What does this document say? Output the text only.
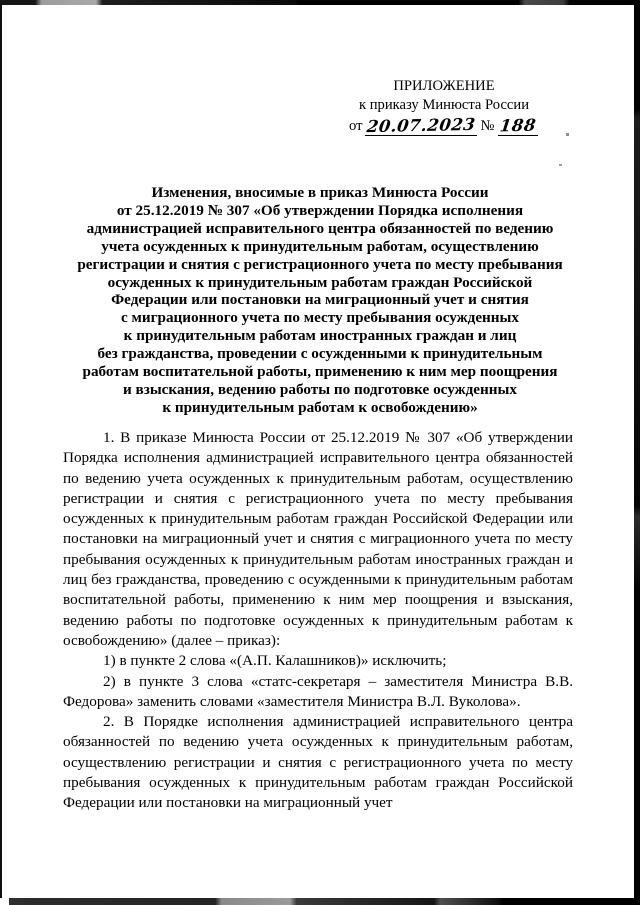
ПРИЛОЖЕНИЕ
к приказу Минюста России
от 20.07.2023 № 188
Изменения, вносимые в приказ Минюста России
от 25.12.2019 № 307 «Об утверждении Порядка исполнения
администрацией исправительного центра обязанностей по ведению
учета осужденных к принудительным работам, осуществлению
регистрации и снятия с регистрационного учета по месту пребывания
осужденных к принудительным работам граждан Российской
Федерации или постановки на миграционный учет и снятия
с миграционного учета по месту пребывания осужденных
к принудительным работам иностранных граждан и лиц
без гражданства, проведении с осужденными к принудительным
работам воспитательной работы, применению к ним мер поощрения
и взыскания, ведению работы по подготовке осужденных
к принудительным работам к освобождению»

1. В приказе Минюста России от 25.12.2019 № 307 «Об утверждении Порядка исполнения администрацией исправительного центра обязанностей по ведению учета осужденных к принудительным работам, осуществлению регистрации и снятия с регистрационного учета по месту пребывания осужденных к принудительным работам граждан Российской Федерации или постановки на миграционный учет и снятия с миграционного учета по месту пребывания осужденных к принудительным работам иностранных граждан и лиц без гражданства, проведению с осужденными к принудительным работам воспитательной работы, применению к ним мер поощрения и взыскания, ведению работы по подготовке осужденных к принудительным работам к освобождению» (далее – приказ):

1) в пункте 2 слова «(А.П. Калашников)» исключить;

2) в пункте 3 слова «статс-секретаря – заместителя Министра В.В. Федорова» заменить словами «заместителя Министра В.Л. Вуколова».

2. В Порядке исполнения администрацией исправительного центра обязанностей по ведению учета осужденных к принудительным работам, осуществлению регистрации и снятия с регистрационного учета по месту пребывания осужденных к принудительным работам граждан Российской Федерации или постановки на миграционный учет
